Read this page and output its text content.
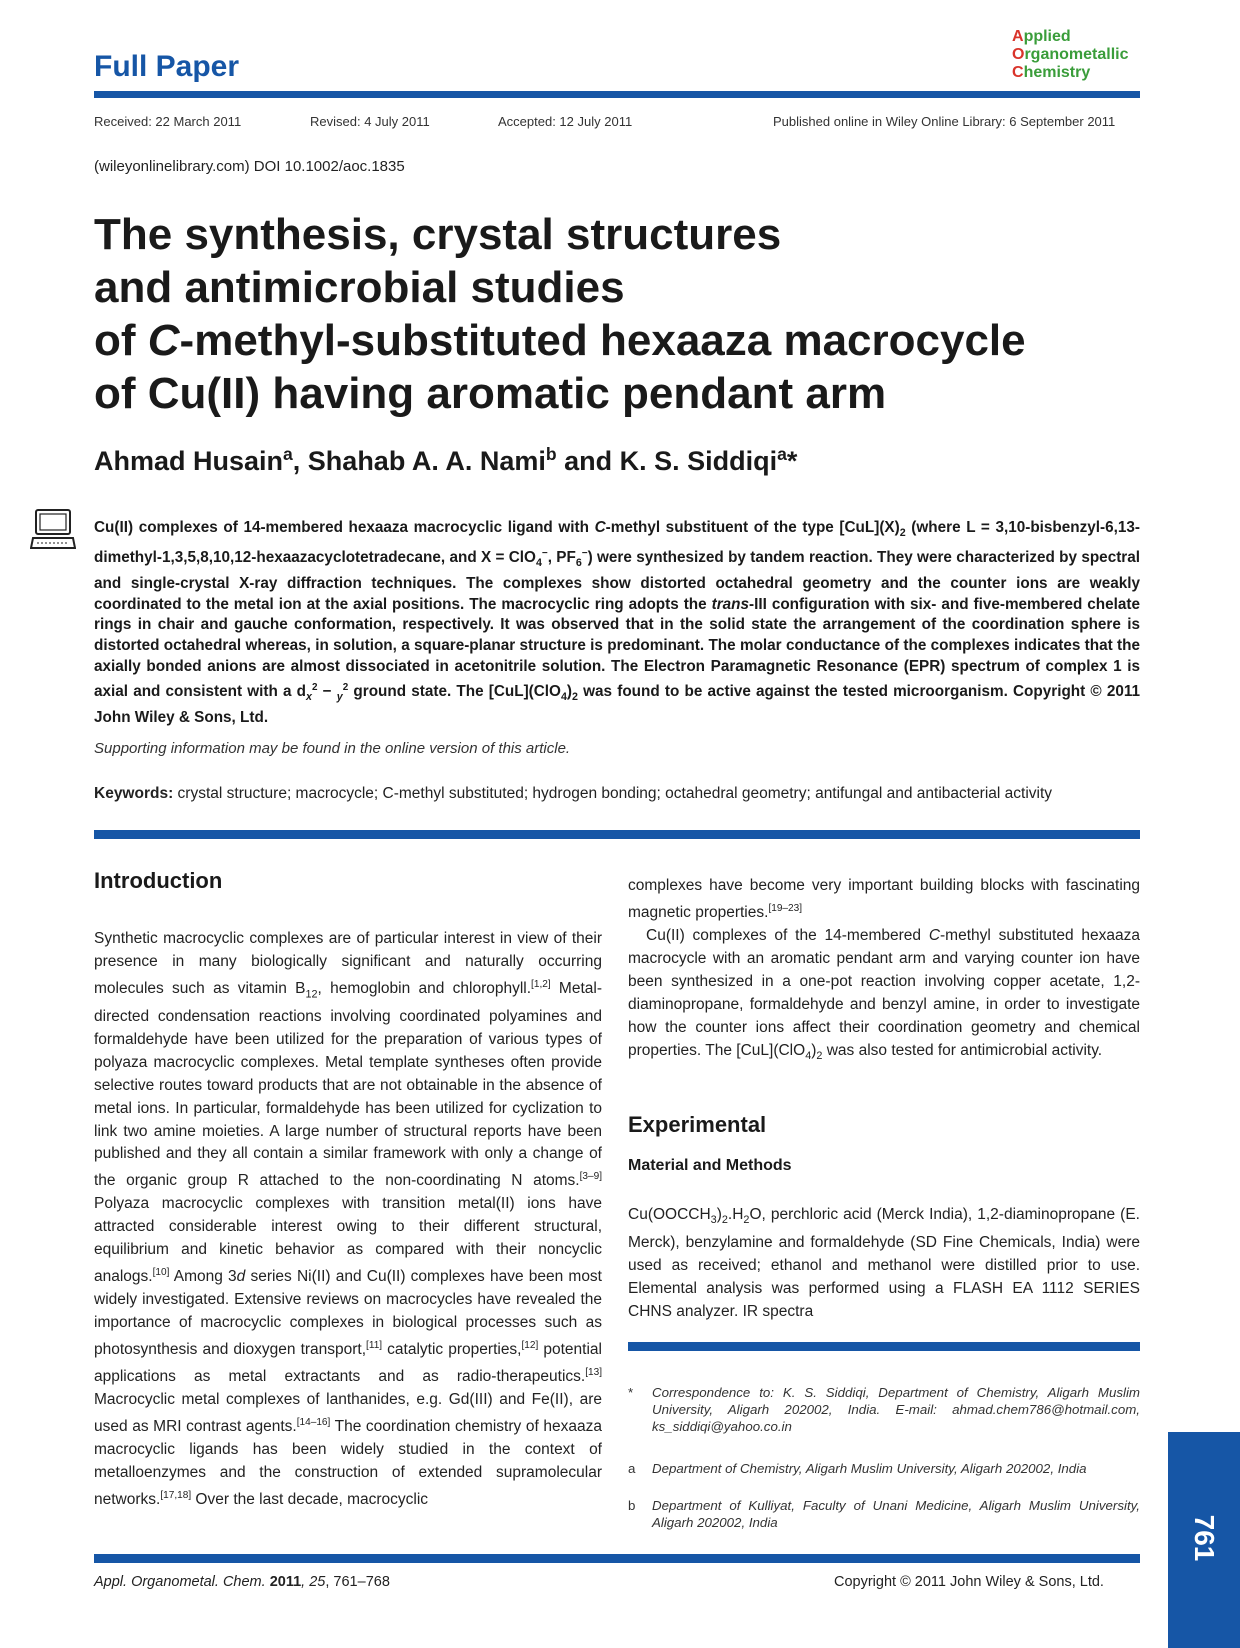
Full Paper
Applied
Organometallic
Chemistry
Received: 22 March 2011	Revised: 4 July 2011	Accepted: 12 July 2011	Published online in Wiley Online Library: 6 September 2011
(wileyonlinelibrary.com) DOI 10.1002/aoc.1835
The synthesis, crystal structures
and antimicrobial studies
of C-methyl-substituted hexaaza macrocycle
of Cu(II) having aromatic pendant arm
Ahmad Husain$^a$, Shahab A. A. Nami$^b$ and K. S. Siddiqi$^a$*
Cu(II) complexes of 14-membered hexaaza macrocyclic ligand with C-methyl substituent of the type $[CuL](X)_2$ (where L = 3,10-bisbenzyl-6,13-dimethyl-1,3,5,8,10,12-hexaazacyclotetradecane, and X = ClO$_4$−, $PF_6^-$) were synthesized by tandem reaction. They were characterized by spectral and single-crystal X-ray diffraction techniques. The complexes show distorted octahedral geometry and the counter ions are weakly coordinated to the metal ion at the axial positions. The macrocyclic ring adopts the trans-III configuration with six- and five-membered chelate rings in chair and gauche conformation, respectively. It was observed that in the solid state the arrangement of the coordination sphere is distorted octahedral whereas, in solution, a square-planar structure is predominant. The molar conductance of the complexes indicates that the axially bonded anions are almost dissociated in acetonitrile solution. The Electron Paramagnetic Resonance (EPR) spectrum of complex 1 is axial and consistent with a $d_x^2 - _y^2$ ground state. The $[CuL](ClO_4)_2$ was found to be active against the tested microorganism. Copyright © 2011 John Wiley & Sons, Ltd.
Supporting information may be found in the online version of this article.
Keywords: crystal structure; macrocycle; C-methyl substituted; hydrogen bonding; octahedral geometry; antifungal and antibacterial activity
Introduction
Synthetic macrocyclic complexes are of particular interest in view of their presence in many biologically significant and naturally occurring molecules such as vitamin $B_{12}$, hemoglobin and chlorophyll.[1,2] Metal-directed condensation reactions involving coordinated polyamines and formaldehyde have been utilized for the preparation of various types of polyaza macrocyclic complexes. Metal template syntheses often provide selective routes toward products that are not obtainable in the absence of metal ions. In particular, formaldehyde has been utilized for cyclization to link two amine moieties. A large number of structural reports have been published and they all contain a similar framework with only a change of the organic group R attached to the non-coordinating N atoms.[3–9] Polyaza macrocyclic complexes with transition metal(II) ions have attracted considerable interest owing to their different structural, equilibrium and kinetic behavior as compared with their noncyclic analogs.[10] Among 3d series Ni(II) and Cu(II) complexes have been most widely investigated. Extensive reviews on macrocycles have revealed the importance of macrocyclic complexes in biological processes such as photosynthesis and dioxygen transport,[11] catalytic properties,[12] potential applications as metal extractants and as radio-therapeutics.[13] Macrocyclic metal complexes of lanthanides, e.g. Gd(III) and Fe(II), are used as MRI contrast agents.[14–16] The coordination chemistry of hexaaza macrocyclic ligands has been widely studied in the context of metalloenzymes and the construction of extended supramolecular networks.[17,18] Over the last decade, macrocyclic
complexes have become very important building blocks with fascinating magnetic properties.[19–23]
Cu(II) complexes of the 14-membered C-methyl substituted hexaaza macrocycle with an aromatic pendant arm and varying counter ion have been synthesized in a one-pot reaction involving copper acetate, 1,2-diaminopropane, formaldehyde and benzyl amine, in order to investigate how the counter ions affect their coordination geometry and chemical properties. The $[CuL](ClO_4)_2$ was also tested for antimicrobial activity.
Experimental
Material and Methods
$Cu(OOCCH_3)_2.H_2O$, perchloric acid (Merck India), 1,2-diaminopropane (E. Merck), benzylamine and formaldehyde (SD Fine Chemicals, India) were used as received; ethanol and methanol were distilled prior to use. Elemental analysis was performed using a FLASH EA 1112 SERIES CHNS analyzer. IR spectra
* Correspondence to: K. S. Siddiqi, Department of Chemistry, Aligarh Muslim University, Aligarh 202002, India. E-mail: ahmad.chem786@hotmail.com, ks_siddiqi@yahoo.co.in
a Department of Chemistry, Aligarh Muslim University, Aligarh 202002, India
b Department of Kulliyat, Faculty of Unani Medicine, Aligarh Muslim University, Aligarh 202002, India	761
Appl. Organometal. Chem. 2011, 25, 761–768	Copyright © 2011 John Wiley & Sons, Ltd.
